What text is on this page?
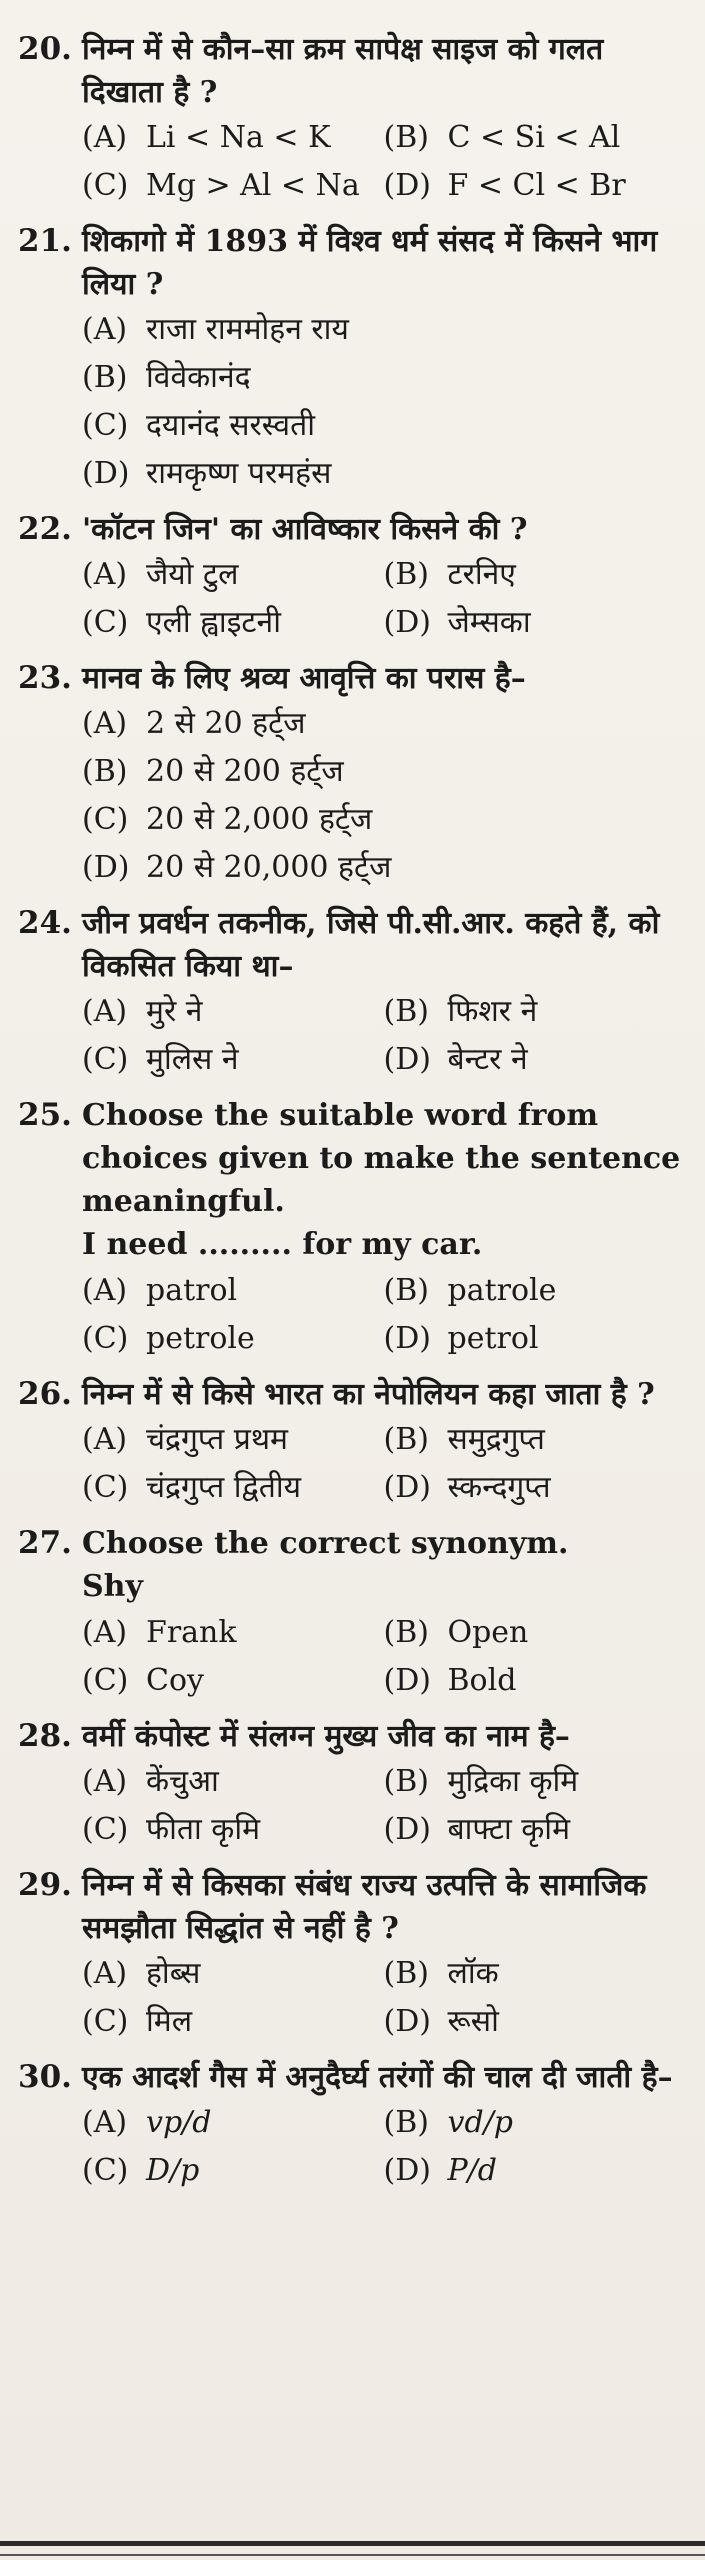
20. निम्न में से कौन–सा क्रम सापेक्ष साइज को गलत दिखाता है ?
(A) Li < Na < K	(B) C < Si < Al
(C) Mg > Al < Na (D) F < Cl < Br
21. शिकागो में 1893 में विश्व धर्म संसद में किसने भाग लिया ?
(A) राजा राममोहन राय
(B) विवेकानंद
(C) दयानंद सरस्वती
(D) रामकृष्ण परमहंस
22. 'कॉटन जिन' का आविष्कार किसने की ?
(A) जैयो टुल	(B) टरनिए
(C) एली ह्वाइटनी	(D) जेम्सका
23. मानव के लिए श्रव्य आवृत्ति का परास है–
(A) 2 से 20 हर्ट्ज
(B) 20 से 200 हर्ट्ज
(C) 20 से 2,000 हर्ट्ज
(D) 20 से 20,000 हर्ट्ज
24. जीन प्रवर्धन तकनीक, जिसे पी.सी.आर. कहते हैं, को विकसित किया था–
(A) मुरे ने	(B) फिशर ने
(C) मुलिस ने	(D) बेन्टर ने
25. Choose the suitable word from choices given to make the sentence meaningful.
I need ......... for my car.
(A) patrol	(B) patrole
(C) petrole	(D) petrol
26. निम्न में से किसे भारत का नेपोलियन कहा जाता है ?
(A) चंद्रगुप्त प्रथम	(B) समुद्रगुप्त
(C) चंद्रगुप्त द्वितीय	(D) स्कन्दगुप्त
27. Choose the correct synonym.
Shy
(A) Frank	(B) Open
(C) Coy	(D) Bold
28. वर्मी कंपोस्ट में संलग्न मुख्य जीव का नाम है–
(A) केंचुआ	(B) मुद्रिका कृमि
(C) फीता कृमि	(D) बाफ्टा कृमि
29. निम्न में से किसका संबंध राज्य उत्पत्ति के सामाजिक समझौता सिद्धांत से नहीं है ?
(A) होब्स	(B) लॉक
(C) मिल	(D) रूसो
30. एक आदर्श गैस में अनुदैर्घ्य तरंगों की चाल दी जाती है–
(A) vp/d	(B) vd/p
(C) D/p	(D) P/d
